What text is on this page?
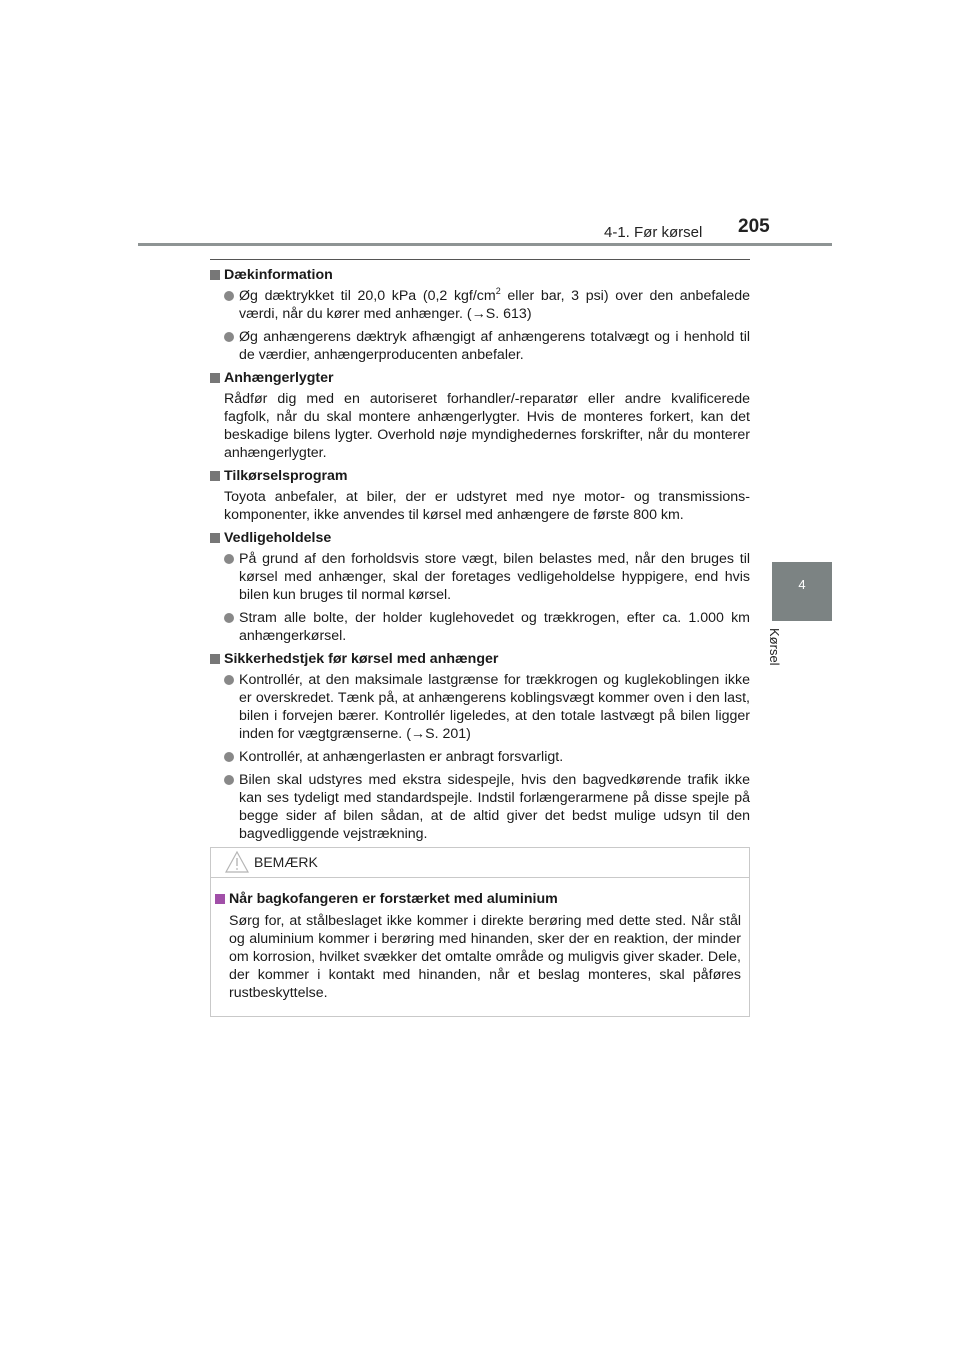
4-1. Før kørsel 205
4
Kørsel
Dækinformation
Øg dæktrykket til 20,0 kPa (0,2 kgf/$cm^2$ eller bar, 3 psi) over den anbefalede værdi, når du kører med anhænger. (→S. 613)
Øg anhængerens dæktryk afhængigt af anhængerens totalvægt og i henhold til de værdier, anhængerproducenten anbefaler.
Anhængerlygter
Rådfør dig med en autoriseret forhandler/-reparatør eller andre kvalificerede fagfolk, når du skal montere anhængerlygter. Hvis de monteres forkert, kan det beskadige bilens lygter. Overhold nøje myndighedernes forskrifter, når du monterer anhængerlygter.
Tilkørselsprogram
Toyota anbefaler, at biler, der er udstyret med nye motor- og transmissions-komponenter, ikke anvendes til kørsel med anhængere de første 800 km.
Vedligeholdelse
På grund af den forholdsvis store vægt, bilen belastes med, når den bruges til kørsel med anhænger, skal der foretages vedligeholdelse hyppigere, end hvis bilen kun bruges til normal kørsel.
Stram alle bolte, der holder kuglehovedet og trækkrogen, efter ca. 1.000 km anhængerkørsel.
Sikkerhedstjek før kørsel med anhænger
Kontrollér, at den maksimale lastgrænse for trækkrogen og kuglekoblingen ikke er overskredet. Tænk på, at anhængerens koblingsvægt kommer oven i den last, bilen i forvejen bærer. Kontrollér ligeledes, at den totale lastvægt på bilen ligger inden for vægtgrænserne. (→S. 201)
Kontrollér, at anhængerlasten er anbragt forsvarligt.
Bilen skal udstyres med ekstra sidespejle, hvis den bagvedkørende trafik ikke kan ses tydeligt med standardspejle. Indstil forlængerarmene på disse spejle på begge sider af bilen sådan, at de altid giver det bedst mulige udsyn til den bagvedliggende vejstrækning.
BEMÆRK
Når bagkofangeren er forstærket med aluminium
Sørg for, at stålbeslaget ikke kommer i direkte berøring med dette sted. Når stål og aluminium kommer i berøring med hinanden, sker der en reaktion, der minder om korrosion, hvilket svækker det omtalte område og muligvis giver skader. Dele, der kommer i kontakt med hinanden, når et beslag monteres, skal påføres rustbeskyttelse.
